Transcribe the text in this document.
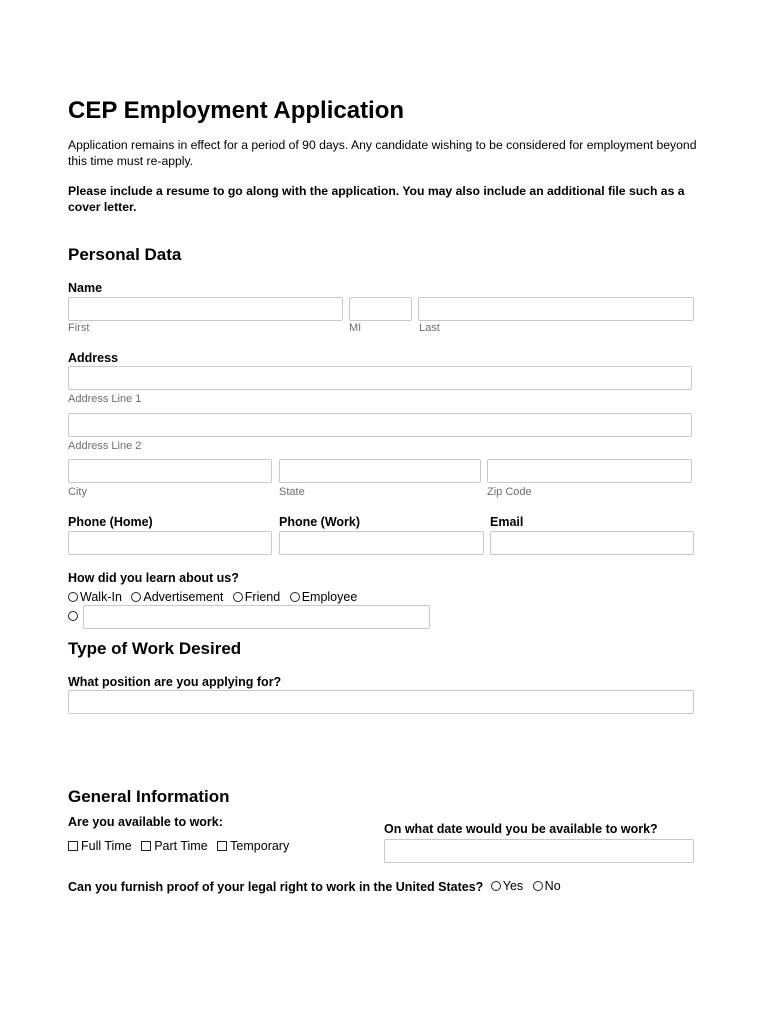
CEP Employment Application
Application remains in effect for a period of 90 days. Any candidate wishing to be considered for employment beyond this time must re-apply.
Please include a resume to go along with the application. You may also include an additional file such as a cover letter.
Personal Data
Name
First	MI	Last
Address
Address Line 1
Address Line 2
City	State	Zip Code
Phone (Home)	Phone (Work)	Email
How did you learn about us?
Walk-In
Advertisement
Friend
Employee
Type of Work Desired
What position are you applying for?
General Information
Are you available to work:
Full Time
Part Time
Temporary
On what date would you be available to work?
Can you furnish proof of your legal right to work in the United States? Yes
No
